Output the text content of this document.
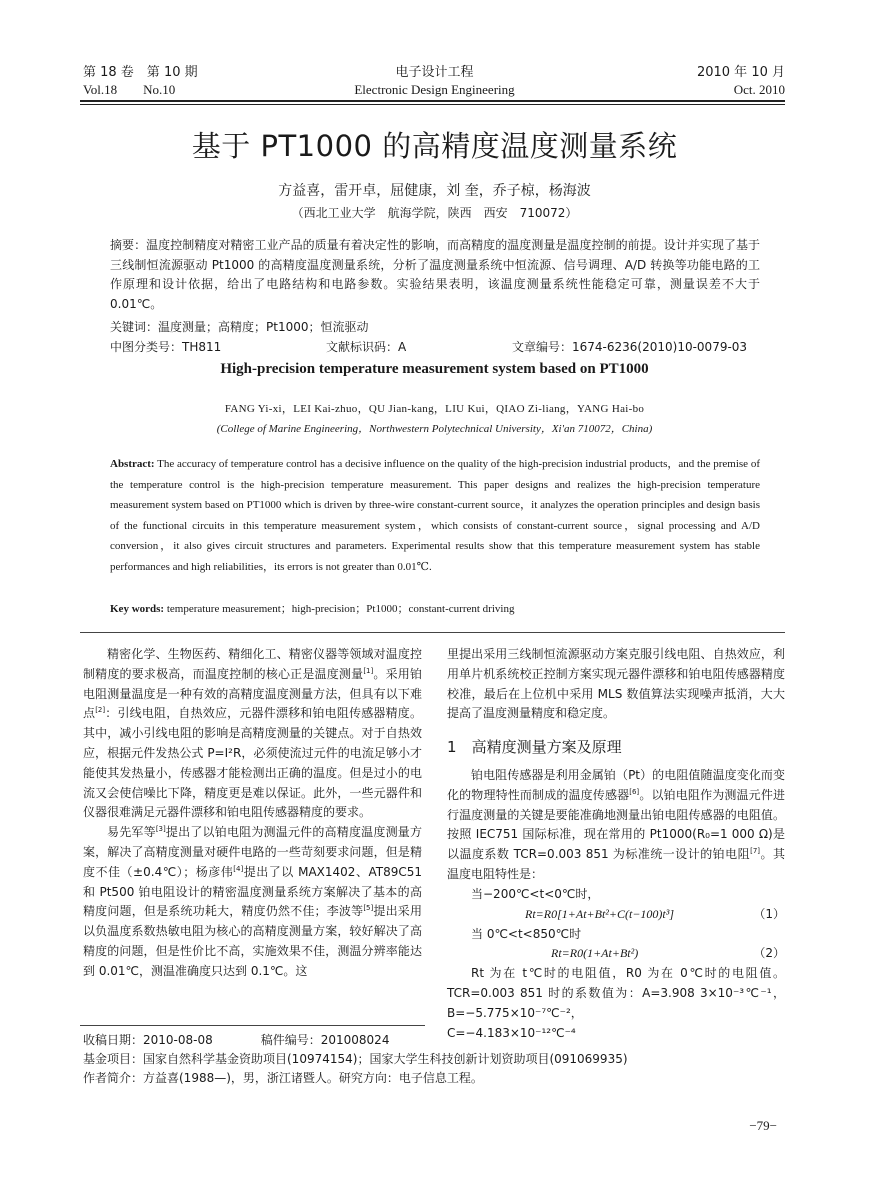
第 18 卷　第 10 期
Vol.18　　No.10
电子设计工程
Electronic Design Engineering
2010 年 10 月
Oct. 2010
基于 PT1000 的高精度温度测量系统
方益喜，雷开卓，屈健康，刘 奎，乔子椋，杨海波
（西北工业大学　航海学院，陕西　西安　710072）
摘要：温度控制精度对精密工业产品的质量有着决定性的影响，而高精度的温度测量是温度控制的前提。设计并实现了基于三线制恒流源驱动 Pt1000 的高精度温度测量系统，分析了温度测量系统中恒流源、信号调理、A/D 转换等功能电路的工作原理和设计依据，给出了电路结构和电路参数。实验结果表明，该温度测量系统性能稳定可靠，测量误差不大于 0.01℃。
关键词：温度测量；高精度；Pt1000；恒流驱动
中图分类号：TH811	文献标识码：A	文章编号：1674-6236(2010)10-0079-03
High-precision temperature measurement system based on PT1000
FANG Yi-xi，LEI Kai-zhuo，QU Jian-kang，LIU Kui，QIAO Zi-liang，YANG Hai-bo
(College of Marine Engineering，Northwestern Polytechnical University，Xi'an 710072，China)
Abstract: The accuracy of temperature control has a decisive influence on the quality of the high-precision industrial products，and the premise of the temperature control is the high-precision temperature measurement. This paper designs and realizes the high-precision temperature measurement system based on PT1000 which is driven by three-wire constant-current source，it analyzes the operation principles and design basis of the functional circuits in this temperature measurement system，which consists of constant-current source，signal processing and A/D conversion，it also gives circuit structures and parameters. Experimental results show that this temperature measurement system has stable performances and high reliabilities，its errors is not greater than 0.01℃.
Key words: temperature measurement；high-precision；Pt1000；constant-current driving

精密化学、生物医药、精细化工、精密仪器等领域对温度控制精度的要求极高，而温度控制的核心正是温度测量[1]。采用铂电阻测量温度是一种有效的高精度温度测量方法，但具有以下难点[2]：引线电阻，自热效应，元器件漂移和铂电阻传感器精度。其中，减小引线电阻的影响是高精度测量的关键点。对于自热效应，根据元件发热公式 P=I²R，必须使流过元件的电流足够小才能使其发热量小，传感器才能检测出正确的温度。但是过小的电流又会使信噪比下降，精度更是难以保证。此外，一些元器件和仪器很难满足元器件漂移和铂电阻传感器精度的要求。

易先军等[3]提出了以铂电阻为测温元件的高精度温度测量方案，解决了高精度测量对硬件电路的一些苛刻要求问题，但是精度不佳（±0.4℃）；杨彦伟[4]提出了以 MAX1402、AT89C51 和 Pt500 铂电阻设计的精密温度测量系统方案解决了基本的高精度问题，但是系统功耗大，精度仍然不佳；李波等[5]提出采用以负温度系数热敏电阻为核心的高精度测量方案，较好解决了高精度的问题，但是性价比不高，实施效果不佳，测温分辨率能达到 0.01℃，测温准确度只达到 0.1℃。这

里提出采用三线制恒流源驱动方案克服引线电阻、自热效应，利用单片机系统校正控制方案实现元器件漂移和铂电阻传感器精度校准，最后在上位机中采用 MLS 数值算法实现噪声抵消，大大提高了温度测量精度和稳定度。

1　 高精度测量方案及原理

铂电阻传感器是利用金属铂（Pt）的电阻值随温度变化而变化的物理特性而制成的温度传感器[6]。以铂电阻作为测温元件进行温度测量的关键是要能准确地测量出铂电阻传感器的电阻值。按照 IEC751 国际标准，现在常用的 Pt1000(R₀=1 000 Ω)是以温度系数 TCR=0.003 851 为标准统一设计的铂电阻[7]。其温度电阻特性是：

当−200℃<t<0℃时，

Rt=R0[1+At+Bt²+C(t−100)t³]	（1）

当 0℃<t<850℃时

Rt=R0(1+At+Bt²)	（2）

Rt 为在 t℃时的电阻值，R0 为在 0℃时的电阻值。TCR=0.003 851 时的系数值为：A=3.908 3×10⁻³℃⁻¹，B=−5.775×10⁻⁷℃⁻²，

C=−4.183×10⁻¹²℃⁻⁴

收稿日期：2010-08-08　　　　稿件编号：201008024
基金项目：国家自然科学基金资助项目(10974154)；国家大学生科技创新计划资助项目(091069935)
作者简介：方益喜(1988—)，男，浙江诸暨人。研究方向：电子信息工程。
−79−
